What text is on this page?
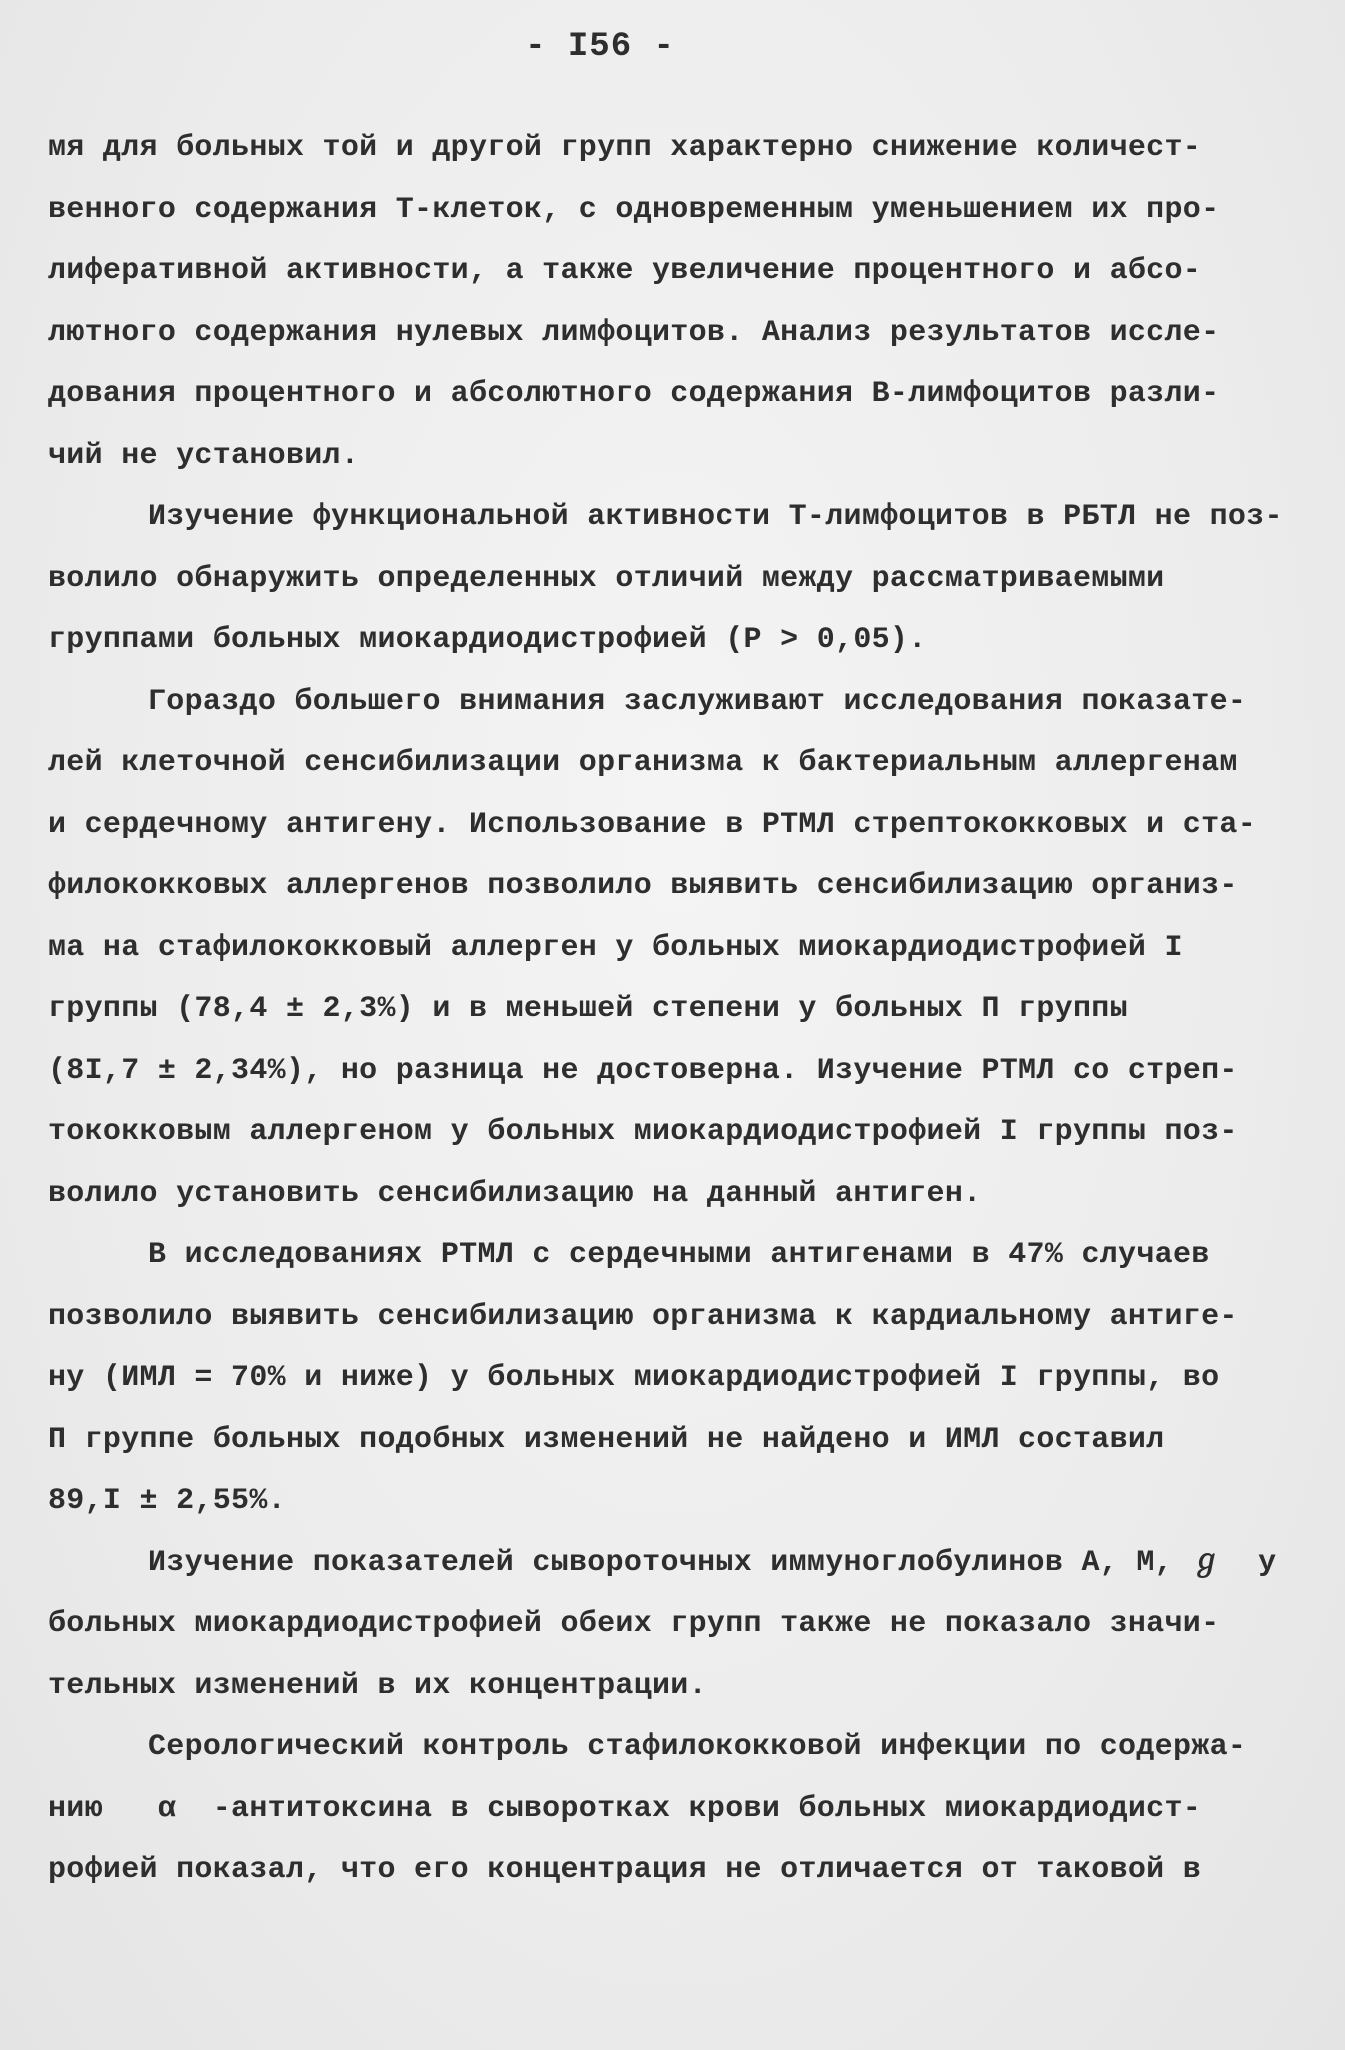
- I56 -

мя для больных той и другой групп характерно снижение количест-
венного содержания Т-клеток, с одновременным уменьшением их про-
лиферативной активности, а также увеличение процентного и абсо-
лютного содержания нулевых лимфоцитов. Анализ результатов иссле-
дования процентного и абсолютного содержания В-лимфоцитов разли-
чий не установил.

Изучение функциональной активности Т-лимфоцитов в РБТЛ не поз-
волило обнаружить определенных отличий между рассматриваемыми
группами больных миокардиодистрофией (Р > 0,05).

Гораздо большего внимания заслуживают исследования показате-
лей клеточной сенсибилизации организма к бактериальным аллергенам
и сердечному антигену. Использование в РТМЛ стрептококковых и ста-
филококковых аллергенов позволило выявить сенсибилизацию организ-
ма на стафилококковый аллерген у больных миокардиодистрофией I
группы (78,4 ± 2,3%) и в меньшей степени у больных П группы
(8I,7 ± 2,34%), но разница не достоверна. Изучение РТМЛ со стреп-
тококковым аллергеном у больных миокардиодистрофией I группы поз-
волило установить сенсибилизацию на данный антиген.

В исследованиях РТМЛ с сердечными антигенами в 47% случаев
позволило выявить сенсибилизацию организма к кардиальному антиге-
ну (ИМЛ = 70% и ниже) у больных миокардиодистрофией I группы, во
П группе больных подобных изменений не найдено и ИМЛ составил
89,I ± 2,55%.

Изучение показателей сывороточных иммуноглобулинов А, М, ℊ  у
больных миокардиодистрофией обеих групп также не показало значи-
тельных изменений в их концентрации.

Серологический контроль стафилококковой инфекции по содержа-
нию   α  -антитоксина в сыворотках крови больных миокардиодист-
рофией показал, что его концентрация не отличается от таковой в
